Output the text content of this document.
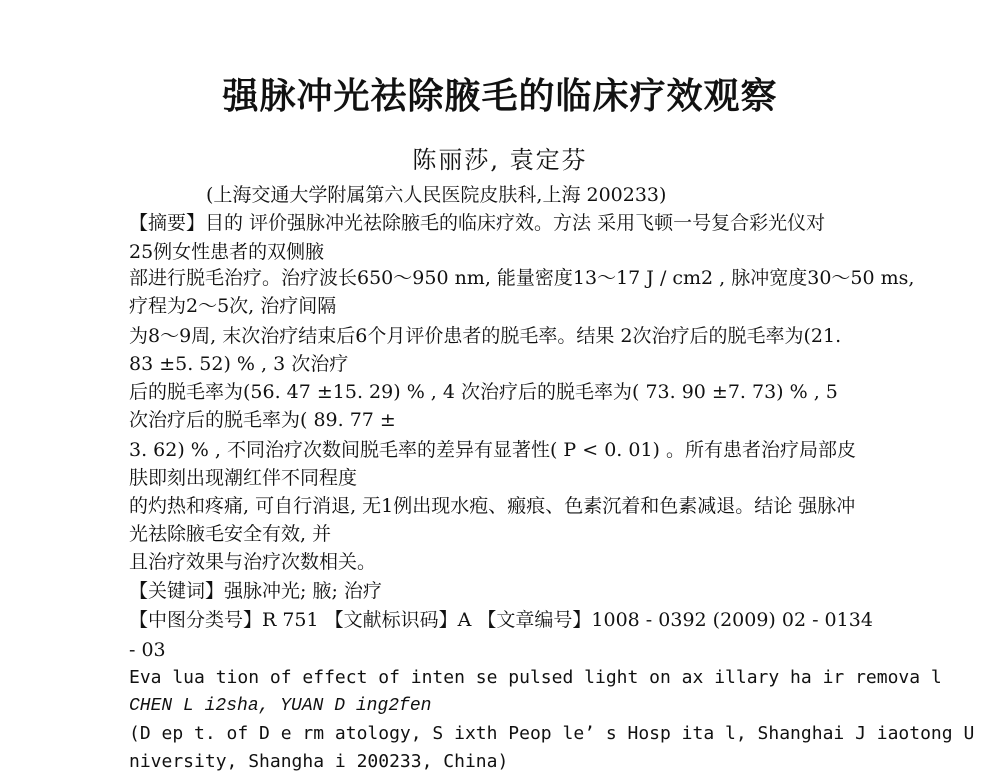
强脉冲光祛除腋毛的临床疗效观察
陈丽莎, 袁定芬
(上海交通大学附属第六人民医院皮肤科,上海 200233)
【摘要】目的 评价强脉冲光祛除腋毛的临床疗效。方法 采用飞顿一号复合彩光仪对
25例女性患者的双侧腋
部进行脱毛治疗。治疗波长650～950 nm, 能量密度13～17 J / cm2 , 脉冲宽度30～50 ms,
疗程为2～5次, 治疗间隔
为8～9周, 末次治疗结束后6个月评价患者的脱毛率。结果 2次治疗后的脱毛率为(21.
83 ±5. 52) % , 3 次治疗
后的脱毛率为(56. 47 ±15. 29) % , 4 次治疗后的脱毛率为( 73. 90 ±7. 73) % , 5
次治疗后的脱毛率为( 89. 77 ±
3. 62) % , 不同治疗次数间脱毛率的差异有显著性( P < 0. 01) 。所有患者治疗局部皮
肤即刻出现潮红伴不同程度
的灼热和疼痛, 可自行消退, 无1例出现水疱、瘢痕、色素沉着和色素减退。结论 强脉冲
光祛除腋毛安全有效, 并
且治疗效果与治疗次数相关。
【关键词】强脉冲光; 腋; 治疗
【中图分类号】R 751 【文献标识码】A 【文章编号】1008 - 0392 (2009) 02 - 0134
- 03
Eva lua tion of effect of inten se pulsed light on ax illary ha ir remova l
CHEN L i2sha, YUAN D ing2fen
(D ep t. of D e rm atology, S ixth Peop le’ s Hosp ita l, Shanghai J iaotong U
niversity, Shangha i 200233, China)
